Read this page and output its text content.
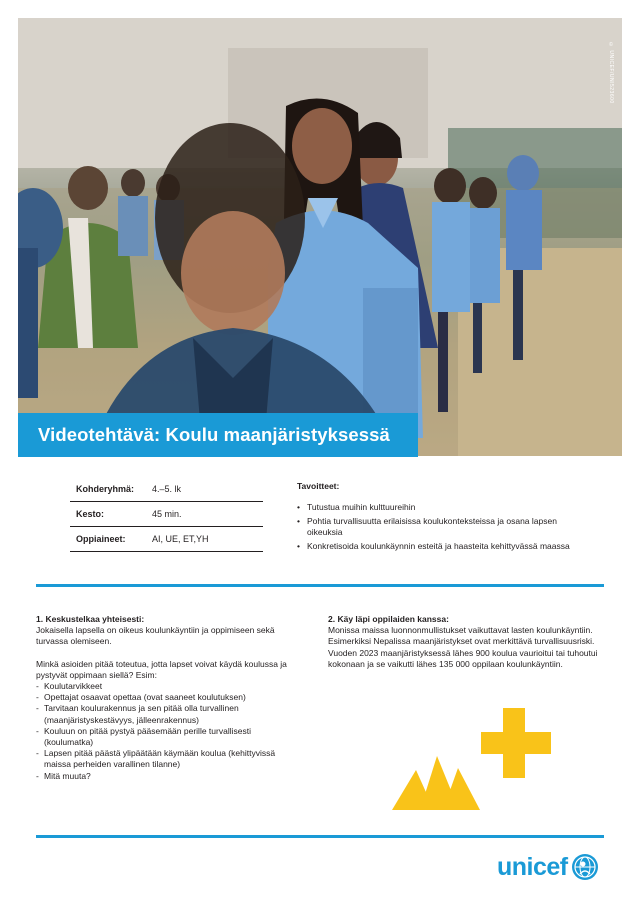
© UNICEF/UNI523600
Videotehtävä: Koulu maanjäristyksessä
Kohderyhmä:	4.–5. lk
Kesto:	45 min.
Oppiaineet:	AI, UE, ET,YH
Tavoitteet:
• Tutustua muihin kulttuureihin
• Pohtia turvallisuutta erilaisissa koulukonteksteissa ja osana lapsen oikeuksia
• Konkretisoida koulunkäynnin esteitä ja haasteita kehittyvässä maassa
1. Keskustelkaa yhteisesti:

Jokaisella lapsella on oikeus koulunkäyntiin ja oppimiseen sekä turvassa olemiseen.

Minkä asioiden pitää toteutua, jotta lapset voivat käydä koulussa ja pystyvät oppimaan siellä? Esim:

- Koulutarvikkeet
- Opettajat osaavat opettaa (ovat saaneet koulutuksen)
- Tarvitaan koulurakennus ja sen pitää olla turvallinen (maanjäristyskestävyys, jälleenrakennus)
- Kouluun on pitää pystyä pääsemään perille turvallisesti (koulumatka)
- Lapsen pitää päästä ylipäätään käymään koulua (kehittyvissä maissa perheiden varallinen tilanne)
- Mitä muuta?
2. Käy läpi oppilaiden kanssa:

Monissa maissa luonnonmullistukset vaikuttavat lasten koulunkäyntiin. Esimerkiksi Nepalissa maanjäristykset ovat merkittävä turvallisuusriski. Vuoden 2023 maanjäristyksessä lähes 900 koulua vaurioitui tai tuhoutui kokonaan ja se vaikutti lähes 135 000 oppilaan koulunkäyntiin.

unicef
